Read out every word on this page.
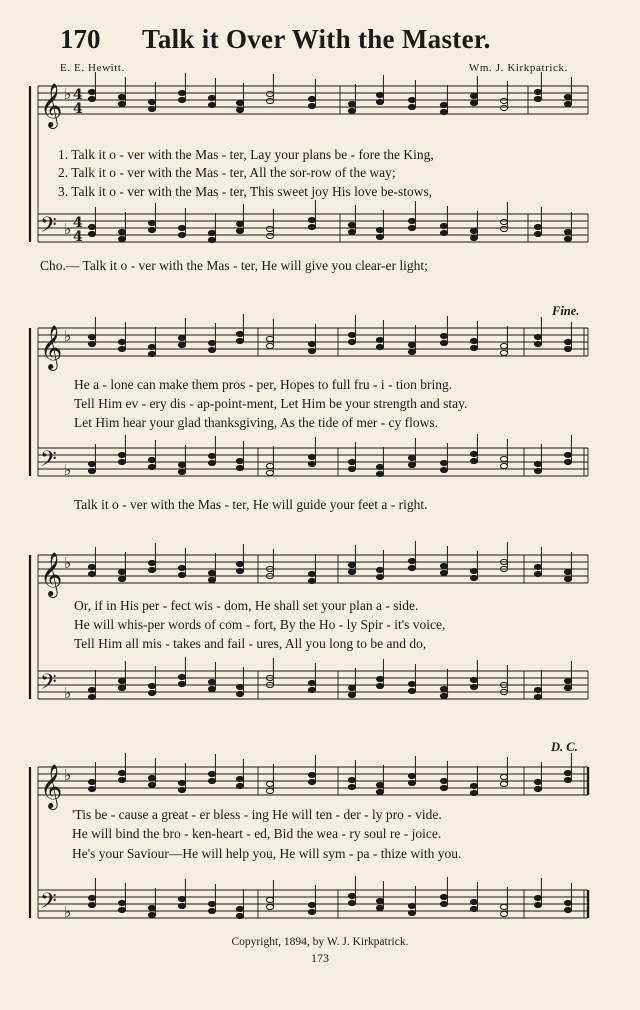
𝄞
𝄢
𝄞
𝄢
𝄞
𝄢
𝄞
𝄢
♭
♭
♭
♭
♭
♭
♭
♭
4
4
4
4
170 Talk it Over With the Master.
E. E. Hewitt.	Wm. J. Kirkpatrick.
1. Talk it o - ver with the Mas - ter, Lay your plans be - fore the King,
2. Talk it o - ver with the Mas - ter, All the sor-row of the way;
3. Talk it o - ver with the Mas - ter, This sweet joy His love be-stows,
Cho.— Talk it o - ver with the Mas - ter, He will give you clear-er light;
Fine.
He a - lone can make them pros - per, Hopes to full fru - i - tion bring.
Tell Him ev - ery dis - ap-point-ment, Let Him be your strength and stay.
Let Him hear your glad thanksgiving, As the tide of mer - cy flows.
Talk it o - ver with the Mas - ter, He will guide your feet a - right.
Or, if in His per - fect wis - dom, He shall set your plan a - side.
He will whis-per words of com - fort, By the Ho - ly Spir - it's voice,
Tell Him all mis - takes and fail - ures, All you long to be and do,
D. C.
'Tis be - cause a great - er bless - ing He will ten - der - ly pro - vide.
He will bind the bro - ken-heart - ed, Bid the wea - ry soul re - joice.
He's your Saviour—He will help you, He will sym - pa - thize with you.
Copyright, 1894, by W. J. Kirkpatrick.
173
